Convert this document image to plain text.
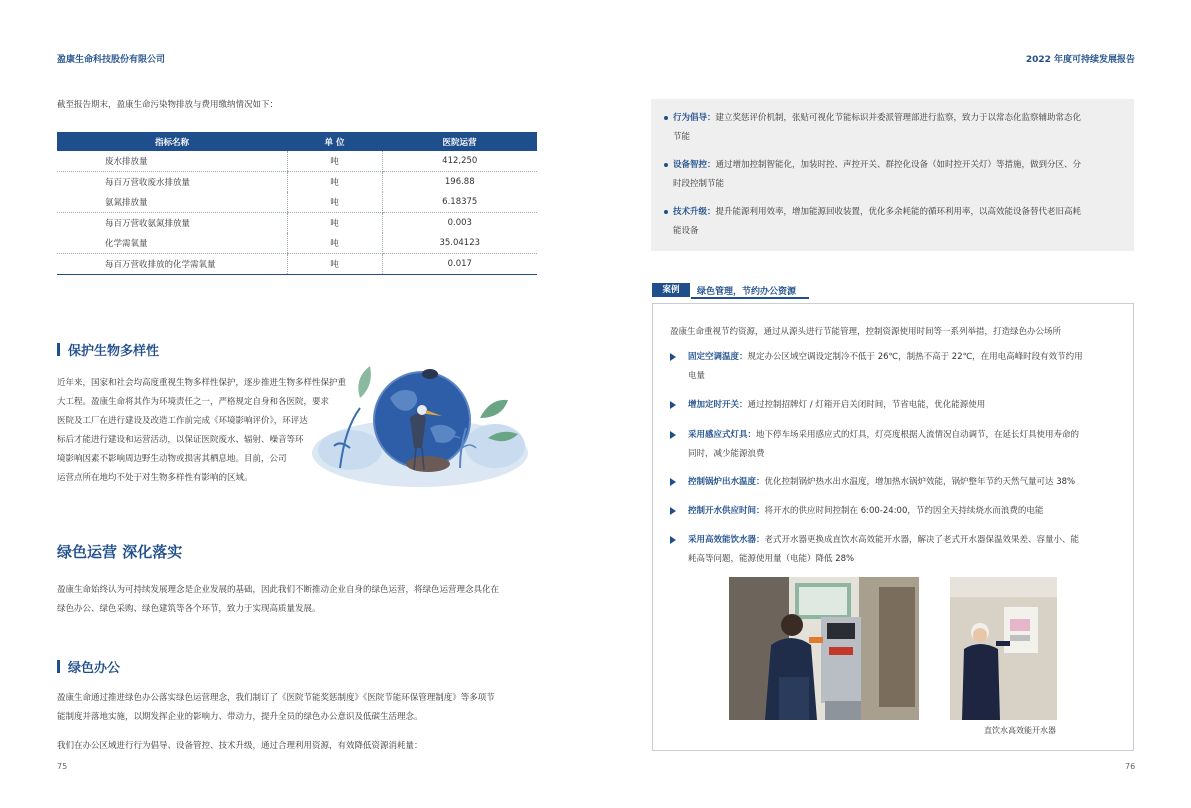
盈康生命科技股份有限公司	2022 年度可持续发展报告
截至报告期末，盈康生命污染物排放与费用缴纳情况如下：
指标名称	单 位	医院运营
废水排放量	吨	412,250
每百万营收废水排放量	吨	196.88
氨氮排放量	吨	6.18375
每百万营收氨氮排放量	吨	0.003
化学需氧量	吨	35.04123
每百万营收排放的化学需氧量	吨	0.017
保护生物多样性
近年来，国家和社会均高度重视生物多样性保护，逐步推进生物多样性保护重
大工程。盈康生命将其作为环境责任之一，严格规定自身和各医院，要求
医院及工厂在进行建设及改造工作前完成《环境影响评价》，环评达
标后才能进行建设和运营活动，以保证医院废水、辐射、噪音等环
境影响因素不影响周边野生动物或损害其栖息地。目前，公司
运营点所在地均不处于对生物多样性有影响的区域。
绿色运营 深化落实
盈康生命始终认为可持续发展理念是企业发展的基础，因此我们不断推动企业自身的绿色运营，将绿色运营理念具化在
绿色办公、绿色采购、绿色建筑等各个环节，致力于实现高质量发展。
绿色办公
盈康生命通过推进绿色办公落实绿色运营理念，我们制订了《医院节能奖惩制度》《医院节能环保管理制度》等多项节
能制度并落地实施，以期发挥企业的影响力、带动力，提升全员的绿色办公意识及低碳生活理念。
我们在办公区域进行行为倡导、设备管控、技术升级，通过合理利用资源，有效降低资源消耗量：
75
行为倡导：建立奖惩评价机制，张贴可视化节能标识并委派管理部进行监察，致力于以常态化监察辅助常态化
节能
设备智控：通过增加控制智能化，加装时控、声控开关、群控化设备（如时控开关灯）等措施，做到分区、分
时段控制节能
技术升级：提升能源利用效率，增加能源回收装置，优化多余耗能的循环利用率，以高效能设备替代老旧高耗
能设备
案例	绿色管理，节约办公资源
盈康生命重视节约资源，通过从源头进行节能管理，控制资源使用时间等一系列举措，打造绿色办公场所
固定空调温度：规定办公区域空调设定制冷不低于 26℃，制热不高于 22℃，在用电高峰时段有效节约用
电量
增加定时开关：通过控制招牌灯 / 灯箱开启关闭时间，节省电能，优化能源使用
采用感应式灯具：地下停车场采用感应式的灯具，灯亮度根据人流情况自动调节，在延长灯具使用寿命的
同时，减少能源浪费
控制锅炉出水温度：优化控制锅炉热水出水温度，增加热水锅炉效能，锅炉整年节约天然气量可达 38%
控制开水供应时间：将开水的供应时间控制在 6:00-24:00，节约因全天持续烧水而浪费的电能
采用高效能饮水器：老式开水器更换成直饮水高效能开水器，解决了老式开水器保温效果差、容量小、能
耗高等问题，能源使用量（电能）降低 28%
直饮水高效能开水器
76
